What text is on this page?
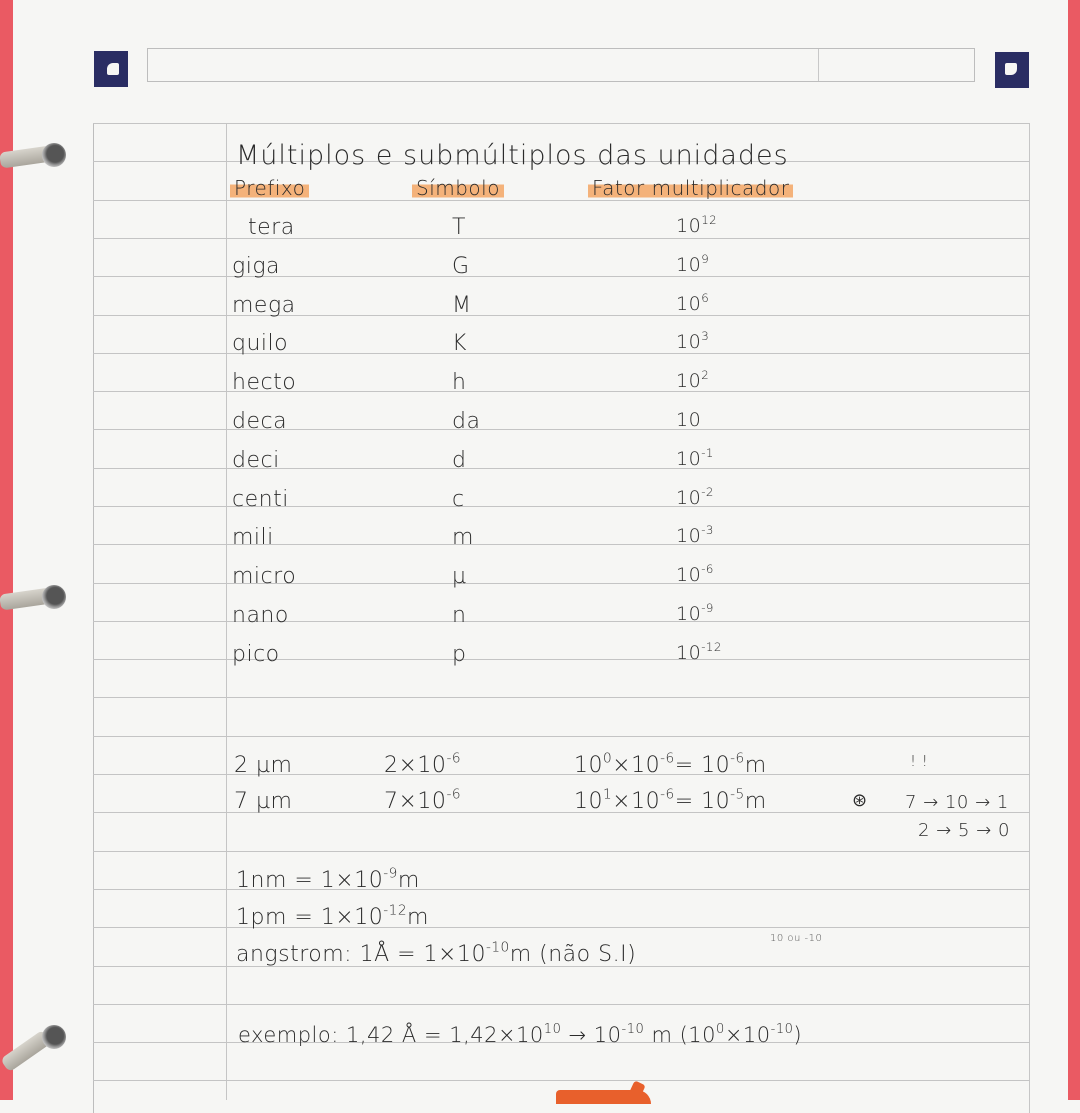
Múltiplos e submúltiplos das unidades
Prefixo	Símbolo	Fator multiplicador
tera	T	$10^{12}$
giga	G	$10^9$
mega	M	$10^6$
quilo	K	$10^3$
hecto	h	$10^2$
deca	da	10
deci	d	$10^{-1}$
centi	c	$10^{-2}$
mili	m	$10^{-3}$
micro	µ	$10^{-6}$
nano	n	$10^{-9}$
pico	p	$10^{-12}$
2 µm	$2\times 10^{-6}$	$10^0\times 10^{-6}= 10^{-6}m$
7 µm	$7\times 10^{-6}$	$10^1\times 10^{-6}= 10^{-5}m$
! !
⊛ 7 → 10 → 1
2 → 5 → 0
$1nm = 1\times 10^{-9}m$
$1pm = 1\times 10^{-12}m$
angstrom: 1Å = $1\times 10^{-10}m$ (não S.I)
10 ou -10
exemplo: 1,42 Å = $1,42\times 10^{10} \to 10^{-10}$ m $(10^0\times 10^{-10})$
